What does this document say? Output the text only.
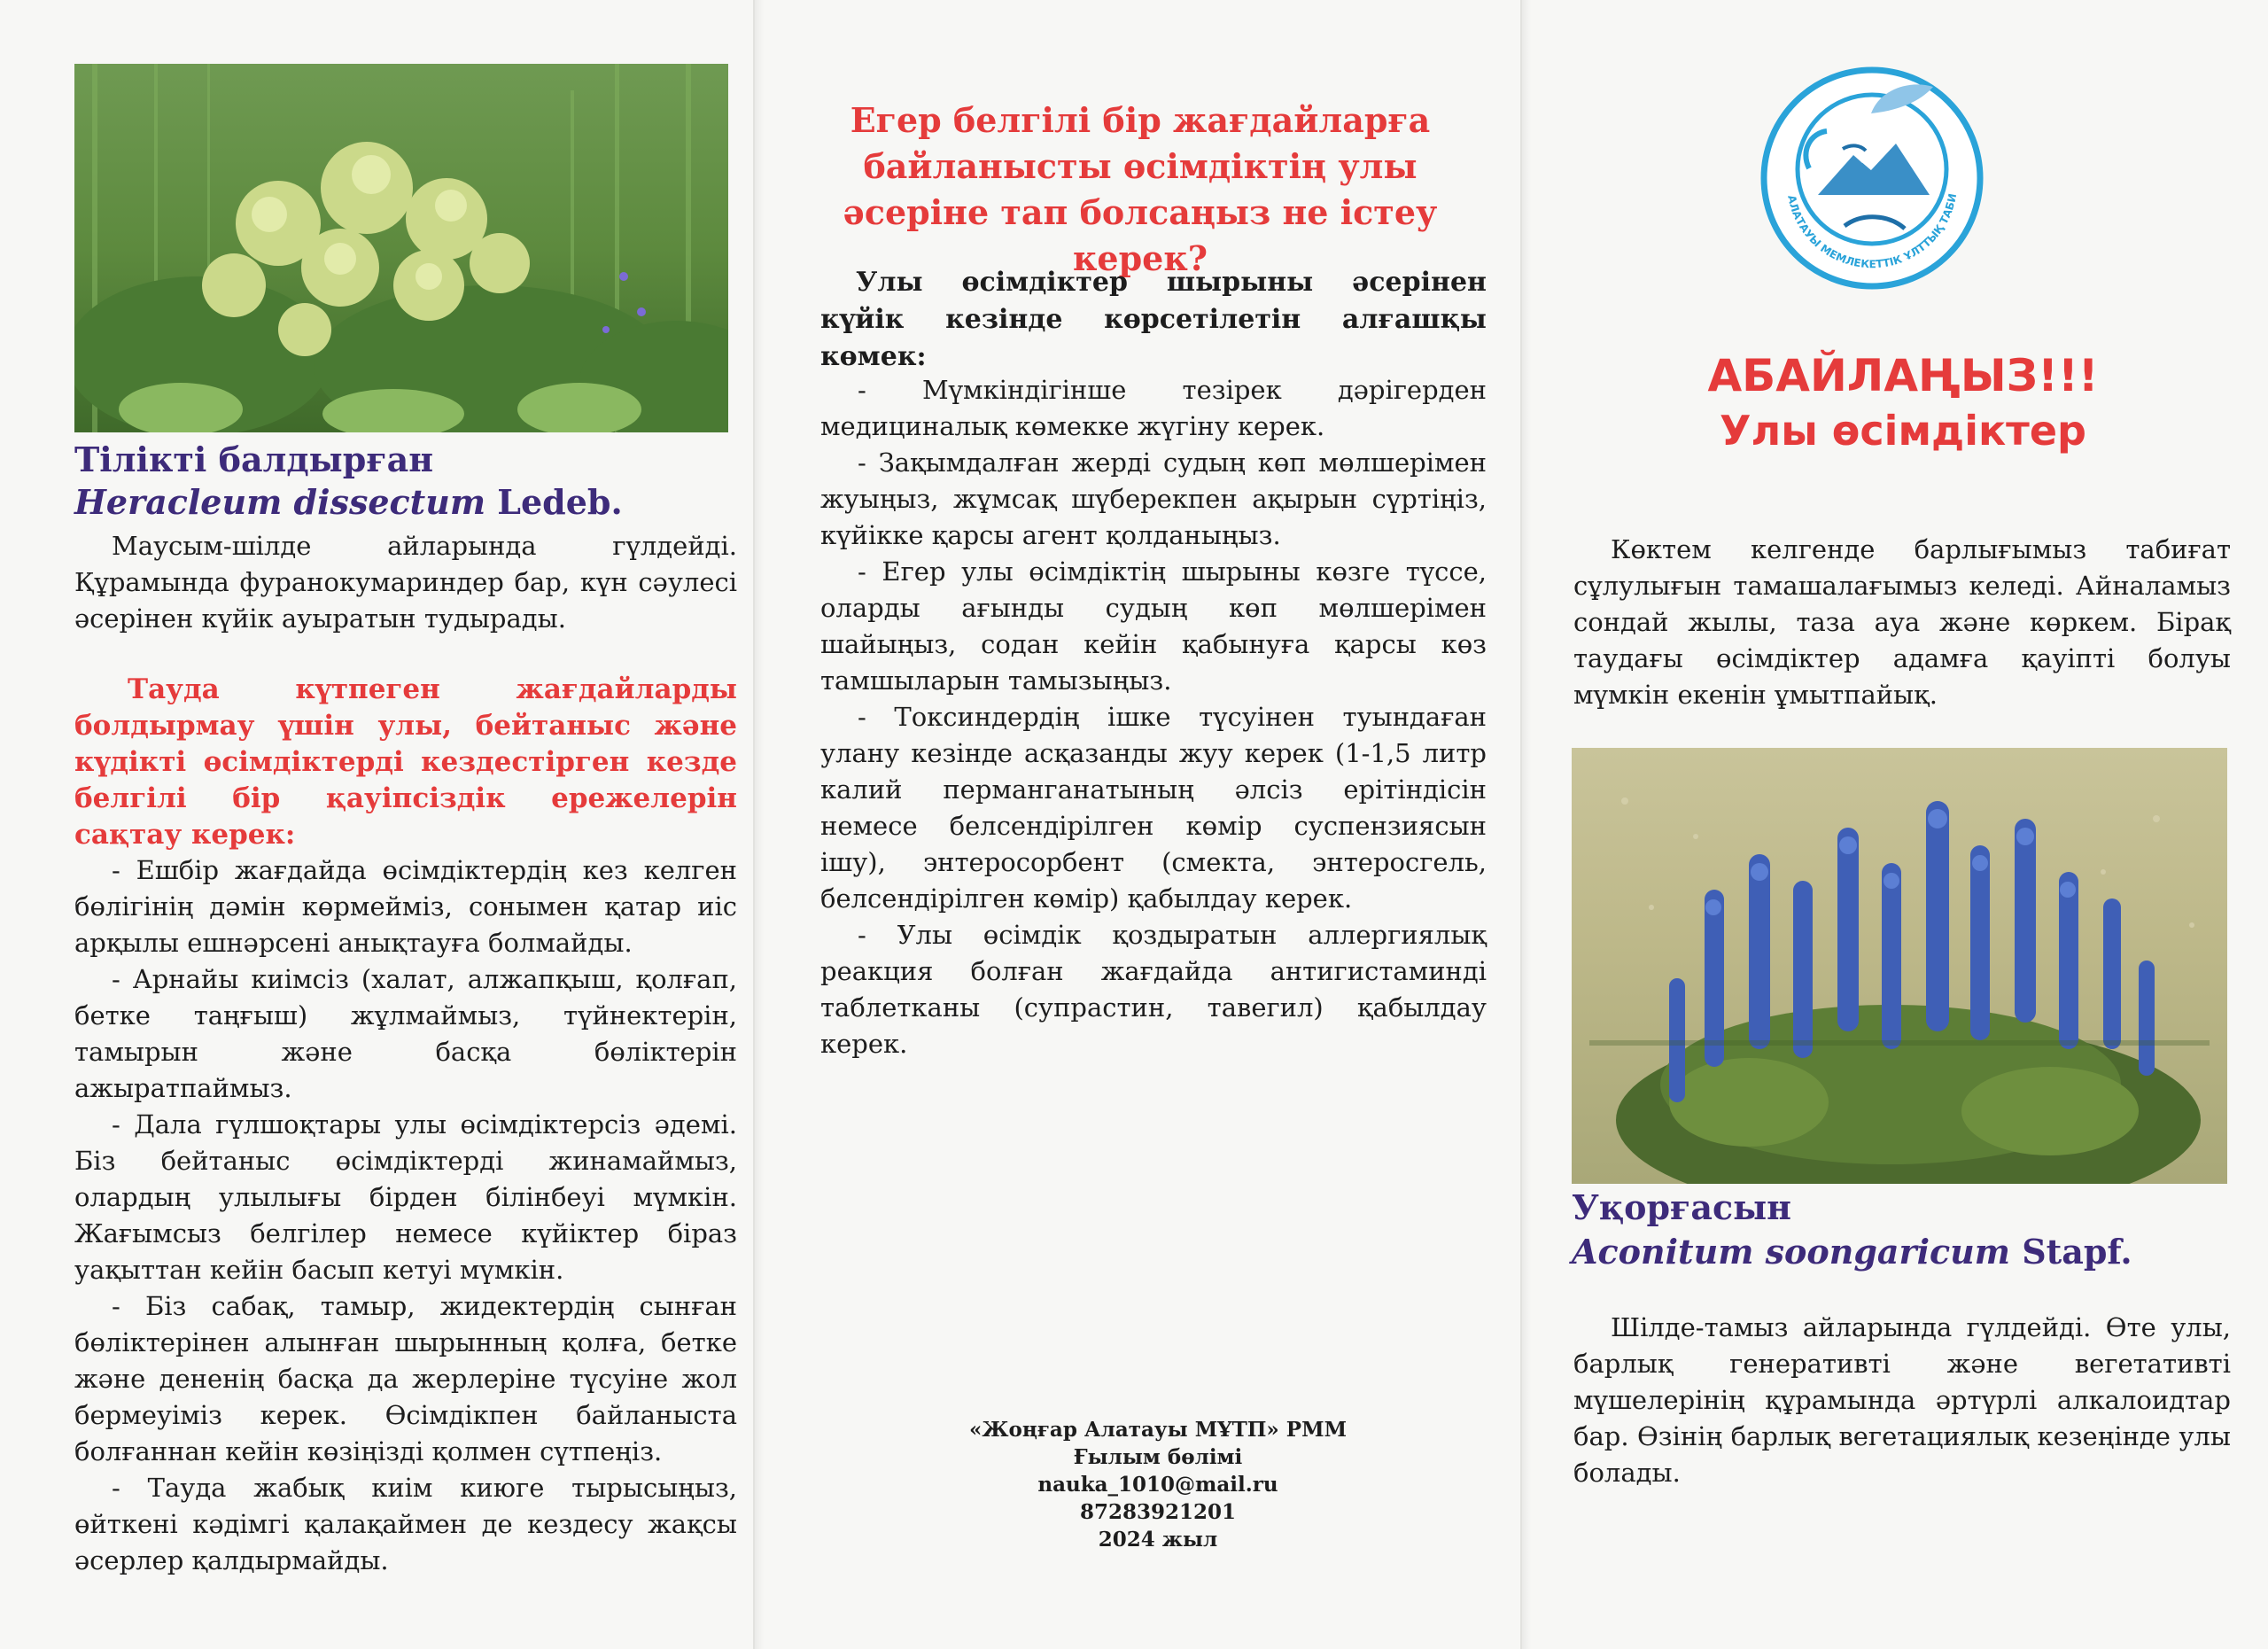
Тілікті балдырған
Heracleum dissectum Ledeb.

Маусым-шілде айларында гүлдейді. Құрамында фуранокумариндер бар, күн сәулесі әсерінен күйік ауыратын тудырады.

Тауда күтпеген жағдайларды болдырмау үшін улы, бейтаныс және күдікті өсімдіктерді кездестірген кезде белгілі бір қауіпсіздік ережелерін сақтау керек:

- Ешбір жағдайда өсімдіктердің кез келген бөлігінің дәмін көрмейміз, сонымен қатар иіс арқылы ешнәрсені анықтауға болмайды.

- Арнайы киімсіз (халат, алжапқыш, қолғап, бетке таңғыш) жұлмаймыз, түйнектерін, тамырын және басқа бөліктерін ажыратпаймыз.

- Дала гүлшоқтары улы өсімдіктерсіз әдемі. Біз бейтаныс өсімдіктерді жинамаймыз, олардың улылығы бірден білінбеуі мүмкін. Жағымсыз белгілер немесе күйіктер біраз уақыттан кейін басып кетуі мүмкін.

- Біз сабақ, тамыр, жидектердің сынған бөліктерінен алынған шырынның қолға, бетке және дененің басқа да жерлеріне түсуіне жол бермеуіміз керек. Өсімдікпен байланыста болғаннан кейін көзіңізді қолмен сүтпеңіз.

- Тауда жабық киім киюге тырысыңыз, өйткені кәдімгі қалақаймен де кездесу жақсы әсерлер қалдырмайды.

Егер белгілі бір жағдайларға байланысты өсімдіктің улы әсеріне тап болсаңыз не істеу керек?

Улы өсімдіктер шырыны әсерінен күйік кезінде көрсетілетін алғашқы көмек:

- Мүмкіндігінше тезірек дәрігерден медициналық көмекке жүгіну керек.

- Зақымдалған жерді судың көп мөлшерімен жуыңыз, жұмсақ шүберекпен ақырын сүртіңіз, күйікке қарсы агент қолданыңыз.

- Егер улы өсімдіктің шырыны көзге түссе, оларды ағынды судың көп мөлшерімен шайыңыз, содан кейін қабынуға қарсы көз тамшыларын тамызыңыз.

- Токсиндердің ішке түсуінен туындаған улану кезінде асқазанды жуу керек (1-1,5 литр калий перманганатының әлсіз ерітіндісін немесе белсендірілген көмір суспензиясын ішу), энтеросорбент (смекта, энтеросгель, белсендірілген көмір) қабылдау керек.

- Улы өсімдік қоздыратын аллергиялық реакция болған жағдайда антигистаминді таблетканы (супрастин, тавегил) қабылдау керек.

«Жоңғар Алатауы МҰТП» РММ
Ғылым бөлімі
nauka_1010@mail.ru
87283921201
2024 жыл
АЛАТАУЫ МЕМЛЕКЕТТІК ҰЛТТЫҚ ТАБИ
АБАЙЛАҢЫЗ!!!
Улы өсімдіктер

Көктем келгенде барлығымыз табиғат сұлулығын тамашалағымыз келеді. Айналамыз сондай жылы, таза ауа және көркем. Бірақ таудағы өсімдіктер адамға қауіпті болуы мүмкін екенін ұмытпайық.

Уқорғасын
Aconitum soongaricum Stapf.

Шілде-тамыз айларында гүлдейді. Өте улы, барлық генеративті және вегетативті мүшелерінің құрамында әртүрлі алкалоидтар бар. Өзінің барлық вегетациялық кезеңінде улы болады.
